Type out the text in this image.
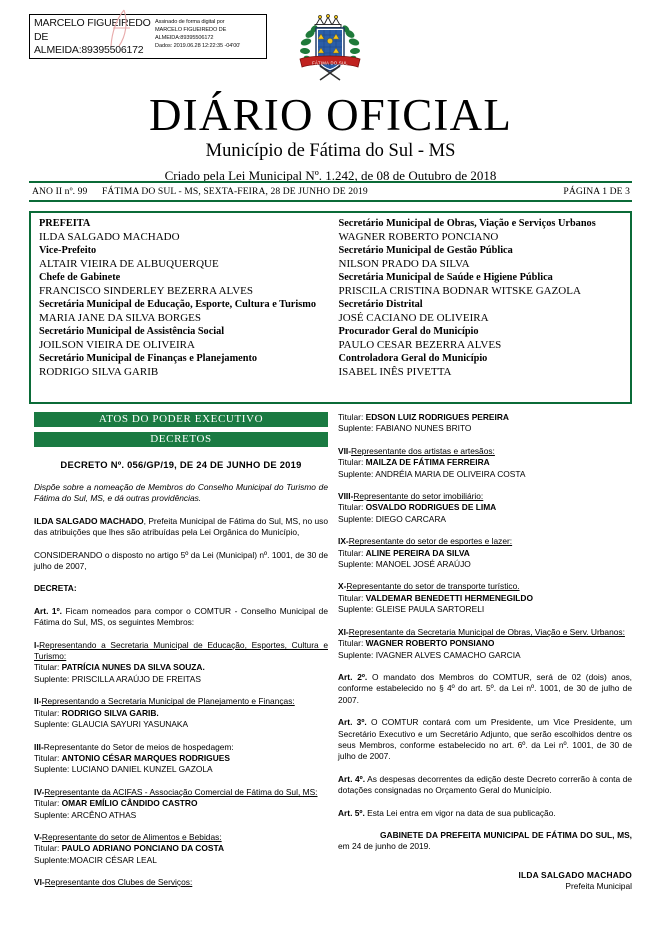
MARCELO FIGUEIREDO
DE
ALMEIDA:89395506172
Assinado de forma digital por
MARCELO FIGUEIREDO DE
ALMEIDA:89395506172
Dados: 2019.06.28 12:22:35 -04'00'
FÁTIMA DO SUL
DIÁRIO OFICIAL
Município de Fátima do Sul - MS
Criado pela Lei Municipal Nº. 1.242, de 08 de Outubro de 2018
ANO II nº. 99	FÁTIMA DO SUL - MS, SEXTA-FEIRA, 28 DE JUNHO DE 2019	PÁGINA 1 DE 3
PREFEITA
ILDA SALGADO MACHADO
Vice-Prefeito
ALTAIR VIEIRA DE ALBUQUERQUE
Chefe de Gabinete
FRANCISCO SINDERLEY BEZERRA ALVES
Secretária Municipal de Educação, Esporte, Cultura e Turismo
MARIA JANE DA SILVA BORGES
Secretário Municipal de Assistência Social
JOILSON VIEIRA DE OLIVEIRA
Secretário Municipal de Finanças e Planejamento
RODRIGO SILVA GARIB
Secretário Municipal de Obras, Viação e Serviços Urbanos
WAGNER ROBERTO PONCIANO
Secretário Municipal de Gestão Pública
NILSON PRADO DA SILVA
Secretária Municipal de Saúde e Higiene Pública
PRISCILA CRISTINA BODNAR WITSKE GAZOLA
Secretário Distrital
JOSÉ CACIANO DE OLIVEIRA
Procurador Geral do Município
PAULO CESAR BEZERRA ALVES
Controladora Geral do Município
ISABEL INÊS PIVETTA
ATOS DO PODER EXECUTIVO
DECRETOS
DECRETO Nº. 056/GP/19, DE 24 DE JUNHO DE 2019
Dispõe sobre a nomeação de Membros do Conselho Municipal do Turismo de Fátima do Sul, MS, e dá outras providências.
ILDA SALGADO MACHADO, Prefeita Municipal de Fátima do Sul, MS, no uso das atribuições que lhes são atribuídas pela Lei Orgânica do Município,
CONSIDERANDO o disposto no artigo 5º da Lei (Municipal) nº. 1001, de 30 de julho de 2007,
DECRETA:
Art. 1º. Ficam nomeados para compor o COMTUR - Conselho Municipal de Fátima do Sul, MS, os seguintes Membros:
I-Representando a Secretaria Municipal de Educação, Esportes, Cultura e Turismo:
Titular: PATRÍCIA NUNES DA SILVA SOUZA.
Suplente: PRISCILLA ARAÚJO DE FREITAS
II-Representando a Secretaria Municipal de Planejamento e Finanças:
Titular: RODRIGO SILVA GARIB.
Suplente: GLAUCIA SAYURI YASUNAKA
III-Representante do Setor de meios de hospedagem:
Titular: ANTONIO CÉSAR MARQUES RODRIGUES
Suplente: LUCIANO DANIEL KUNZEL GAZOLA
IV-Representante da ACIFAS - Associação Comercial de Fátima do Sul, MS:
Titular: OMAR EMÍLIO CÂNDIDO CASTRO
Suplente: ARCÊNO ATHAS
V-Representante do setor de Alimentos e Bebidas:
Titular: PAULO ADRIANO PONCIANO DA COSTA
Suplente:MOACIR CÉSAR LEAL
VI-Representante dos Clubes de Serviços:
Titular: EDSON LUIZ RODRIGUES PEREIRA
Suplente: FABIANO NUNES BRITO
VII-Representante dos artistas e artesãos:
Titular: MAILZA DE FÁTIMA FERREIRA
Suplente: ANDRÉIA MARIA DE OLIVEIRA COSTA
VIII-Representante do setor imobiliário:
Titular: OSVALDO RODRIGUES DE LIMA
Suplente: DIEGO CARCARA
IX-Representante do setor de esportes e lazer:
Titular: ALINE PEREIRA DA SILVA
Suplente: MANOEL JOSÉ ARAÚJO
X-Representante do setor de transporte turístico.
Titular: VALDEMAR BENEDETTI HERMENEGILDO
Suplente: GLEISE PAULA SARTORELI
XI-Representante da Secretaria Municipal de Obras, Viação e Serv. Urbanos:
Titular: WAGNER ROBERTO PONSIANO
Suplente: IVAGNER ALVES CAMACHO GARCIA
Art. 2º. O mandato dos Membros do COMTUR, será de 02 (dois) anos, conforme estabelecido no § 4º do art. 5º. da Lei nº. 1001, de 30 de julho de 2007.
Art. 3º. O COMTUR contará com um Presidente, um Vice Presidente, um Secretário Executivo e um Secretário Adjunto, que serão escolhidos dentre os seus Membros, conforme estabelecido no art. 6º. da Lei nº. 1001, de 30 de julho de 2007.
Art. 4º. As despesas decorrentes da edição deste Decreto correrão à conta de dotações consignadas no Orçamento Geral do Município.
Art. 5º. Esta Lei entra em vigor na data de sua publicação.
GABINETE DA PREFEITA MUNICIPAL DE FÁTIMA DO SUL, MS, em 24 de junho de 2019.
ILDA SALGADO MACHADO
Prefeita Municipal
